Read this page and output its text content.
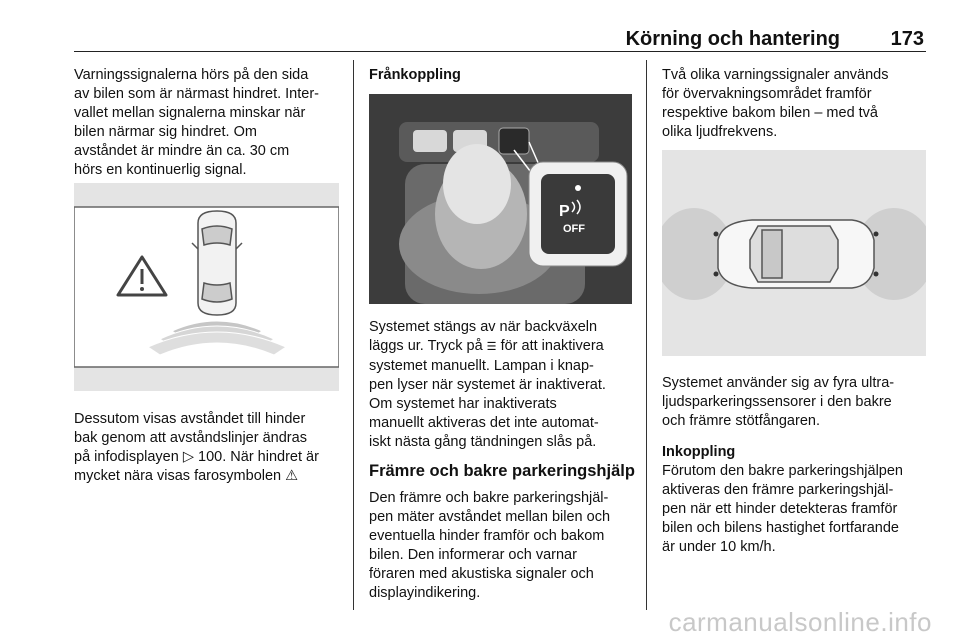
Körning och hantering	173

Varningssignalerna hörs på den sida
av bilen som är närmast hindret. Inter-
vallet mellan signalerna minskar när
bilen närmar sig hindret. Om
avståndet är mindre än ca. 30 cm
hörs en kontinuerlig signal.

Dessutom visas avståndet till hinder
bak genom att avståndslinjer ändras
på infodisplayen ▷ 100. När hindret är
mycket nära visas farosymbolen ⚠

Frånkoppling
P
OFF

Systemet stängs av när backväxeln
läggs ur. Tryck på ☰ för att inaktivera
systemet manuellt. Lampan i knap-
pen lyser när systemet är inaktiverat.
Om systemet har inaktiverats
manuellt aktiveras det inte automat-
iskt nästa gång tändningen slås på.

Främre och bakre parkeringshjälp

Den främre och bakre parkeringshjäl-
pen mäter avståndet mellan bilen och
eventuella hinder framför och bakom
bilen. Den informerar och varnar
föraren med akustiska signaler och
displayindikering.

Två olika varningssignaler används
för övervakningsområdet framför
respektive bakom bilen – med två
olika ljudfrekvens.

Systemet använder sig av fyra ultra-
ljudsparkeringssensorer i den bakre
och främre stötfångaren.

Inkoppling

Förutom den bakre parkeringshjälpen
aktiveras den främre parkeringshjäl-
pen när ett hinder detekteras framför
bilen och bilens hastighet fortfarande
är under 10 km/h.

carmanualsonline.info
